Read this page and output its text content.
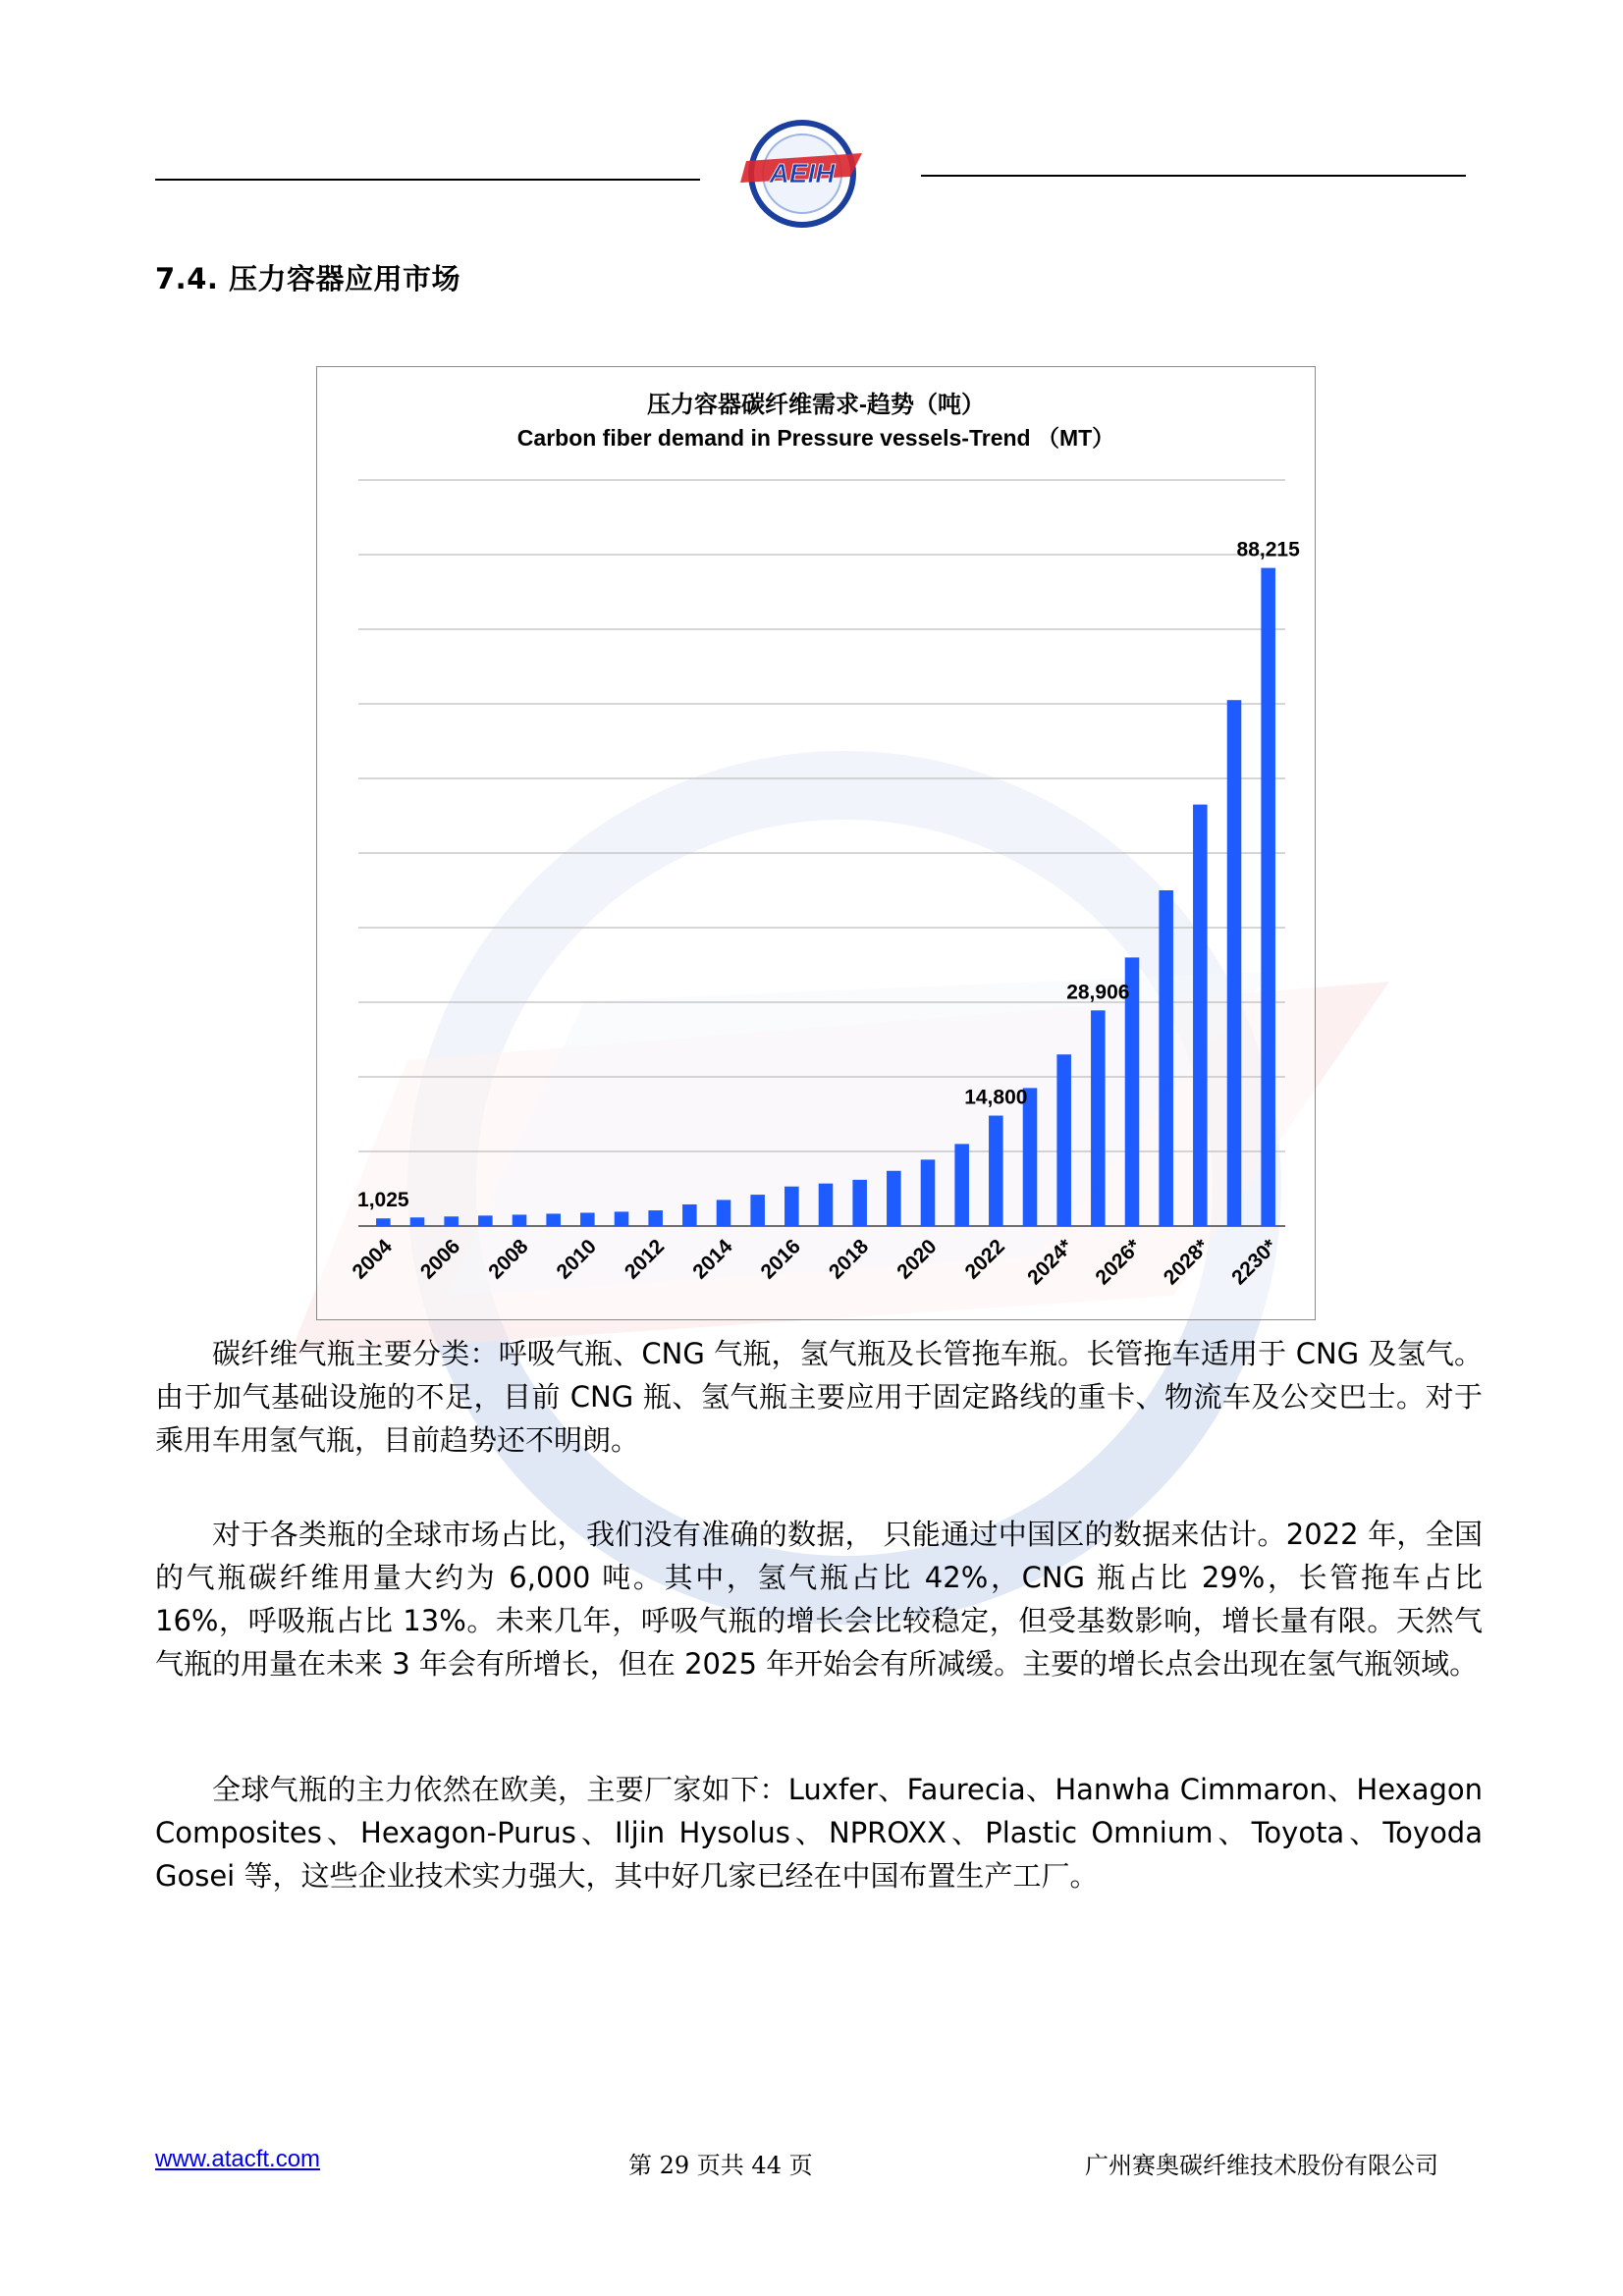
AEIH
7.4. 压力容器应用市场
压力容器碳纤维需求-趋势（吨）
Carbon fiber demand in Pressure vessels-Trend （MT）
1,025
14,800
28,906
88,215
2004 2006 2008 2010 2012 2014 2016 2018 2020 2022 2024* 2026* 2028* 2230*
碳纤维气瓶主要分类：呼吸气瓶、CNG 气瓶，氢气瓶及长管拖车瓶。长管拖车适用于 CNG 及氢气。由于加气基础设施的不足，目前 CNG 瓶、氢气瓶主要应用于固定路线的重卡、物流车及公交巴士。对于乘用车用氢气瓶，目前趋势还不明朗。
对于各类瓶的全球市场占比，我们没有准确的数据， 只能通过中国区的数据来估计。2022 年，全国的气瓶碳纤维用量大约为 6,000 吨。其中，氢气瓶占比 42%，CNG 瓶占比 29%，长管拖车占比 16%，呼吸瓶占比 13%。未来几年，呼吸气瓶的增长会比较稳定，但受基数影响，增长量有限。天然气气瓶的用量在未来 3 年会有所增长，但在 2025 年开始会有所减缓。主要的增长点会出现在氢气瓶领域。
全球气瓶的主力依然在欧美，主要厂家如下：Luxfer、Faurecia、Hanwha Cimmaron、Hexagon Composites、Hexagon-Purus、Iljin Hysolus、NPROXX、Plastic Omnium、Toyota、Toyoda Gosei 等，这些企业技术实力强大，其中好几家已经在中国布置生产工厂。
www.atacft.com	第 29 页共 44 页	广州赛奥碳纤维技术股份有限公司
